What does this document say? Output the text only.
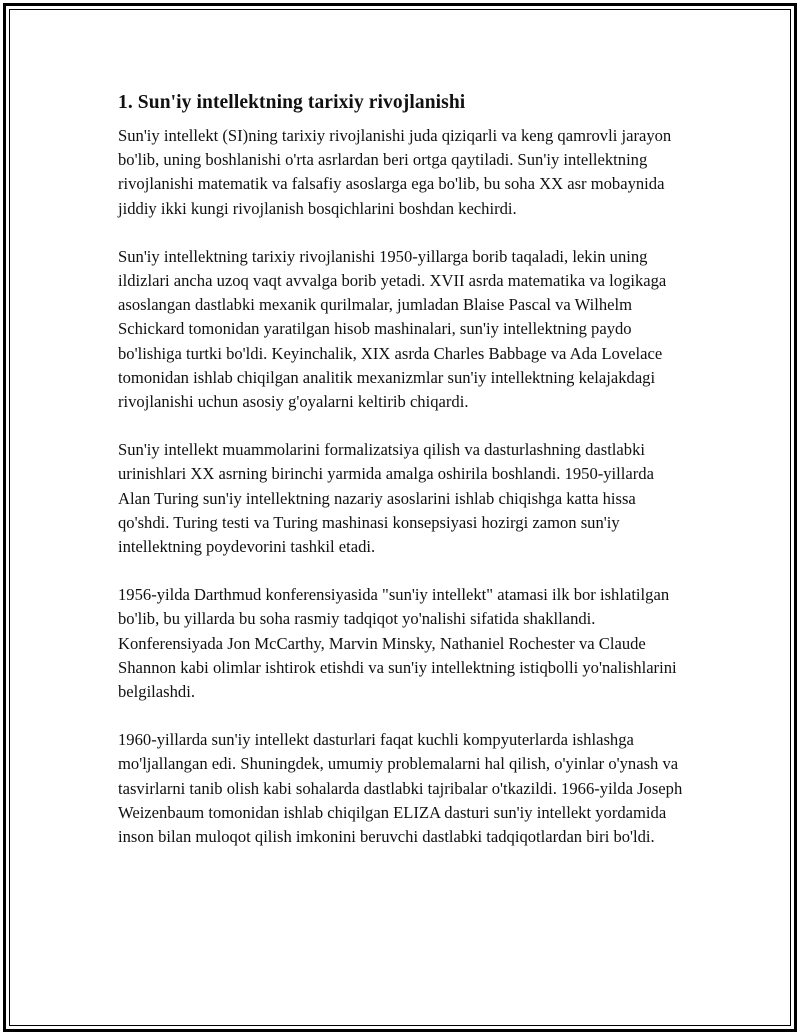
1. Sun'iy intellektning tarixiy rivojlanishi

Sun'iy intellekt (SI)ning tarixiy rivojlanishi juda qiziqarli va keng qamrovli jarayon bo'lib, uning boshlanishi o'rta asrlardan beri ortga qaytiladi. Sun'iy intellektning rivojlanishi matematik va falsafiy asoslarga ega bo'lib, bu soha XX asr mobaynida jiddiy ikki kungi rivojlanish bosqichlarini boshdan kechirdi.

Sun'iy intellektning tarixiy rivojlanishi 1950-yillarga borib taqaladi, lekin uning ildizlari ancha uzoq vaqt avvalga borib yetadi. XVII asrda matematika va logikaga asoslangan dastlabki mexanik qurilmalar, jumladan Blaise Pascal va Wilhelm Schickard tomonidan yaratilgan hisob mashinalari, sun'iy intellektning paydo bo'lishiga turtki bo'ldi. Keyinchalik, XIX asrda Charles Babbage va Ada Lovelace tomonidan ishlab chiqilgan analitik mexanizmlar sun'iy intellektning kelajakdagi rivojlanishi uchun asosiy g'oyalarni keltirib chiqardi.

Sun'iy intellekt muammolarini formalizatsiya qilish va dasturlashning dastlabki urinishlari XX asrning birinchi yarmida amalga oshirila boshlandi. 1950-yillarda Alan Turing sun'iy intellektning nazariy asoslarini ishlab chiqishga katta hissa qo'shdi. Turing testi va Turing mashinasi konsepsiyasi hozirgi zamon sun'iy intellektning poydevorini tashkil etadi.

1956-yilda Darthmud konferensiyasida "sun'iy intellekt" atamasi ilk bor ishlatilgan bo'lib, bu yillarda bu soha rasmiy tadqiqot yo'nalishi sifatida shakllandi. Konferensiyada Jon McCarthy, Marvin Minsky, Nathaniel Rochester va Claude Shannon kabi olimlar ishtirok etishdi va sun'iy intellektning istiqbolli yo'nalishlarini belgilashdi.

1960-yillarda sun'iy intellekt dasturlari faqat kuchli kompyuterlarda ishlashga mo'ljallangan edi. Shuningdek, umumiy problemalarni hal qilish, o'yinlar o'ynash va tasvirlarni tanib olish kabi sohalarda dastlabki tajribalar o'tkazildi. 1966-yilda Joseph Weizenbaum tomonidan ishlab chiqilgan ELIZA dasturi sun'iy intellekt yordamida inson bilan muloqot qilish imkonini beruvchi dastlabki tadqiqotlardan biri bo'ldi.
